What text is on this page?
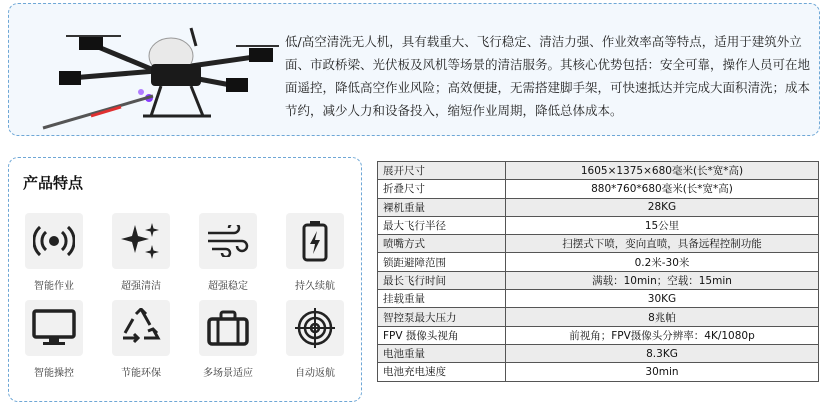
低/高空清洗无人机，具有载重大、飞行稳定、清洁力强、作业效率高等特点，适用于建筑外立面、市政桥梁、光伏板及风机等场景的清洁服务。其核心优势包括：安全可靠，操作人员可在地面遥控，降低高空作业风险；高效便捷，无需搭建脚手架，可快速抵达并完成大面积清洗；成本节约，减少人力和设备投入，缩短作业周期，降低总体成本。
产品特点
智能作业	超强清洁	超强稳定	持久续航
智能操控	节能环保	多场景适应	自动返航
展开尺寸	1605×1375×680毫米(长*宽*高)
折叠尺寸	880*760*680毫米(长*宽*高)
裸机重量	28KG
最大飞行半径	15公里
喷嘴方式	扫摆式下喷，变向直喷，具备远程控制功能
锁距避障范围	0.2米-30米
最长飞行时间	满载：10min；空载：15min
挂载重量	30KG
智控泵最大压力	8兆帕
FPV 摄像头视角	前视角；FPV摄像头分辨率：4K/1080p
电池重量	8.3KG
电池充电速度	30min
